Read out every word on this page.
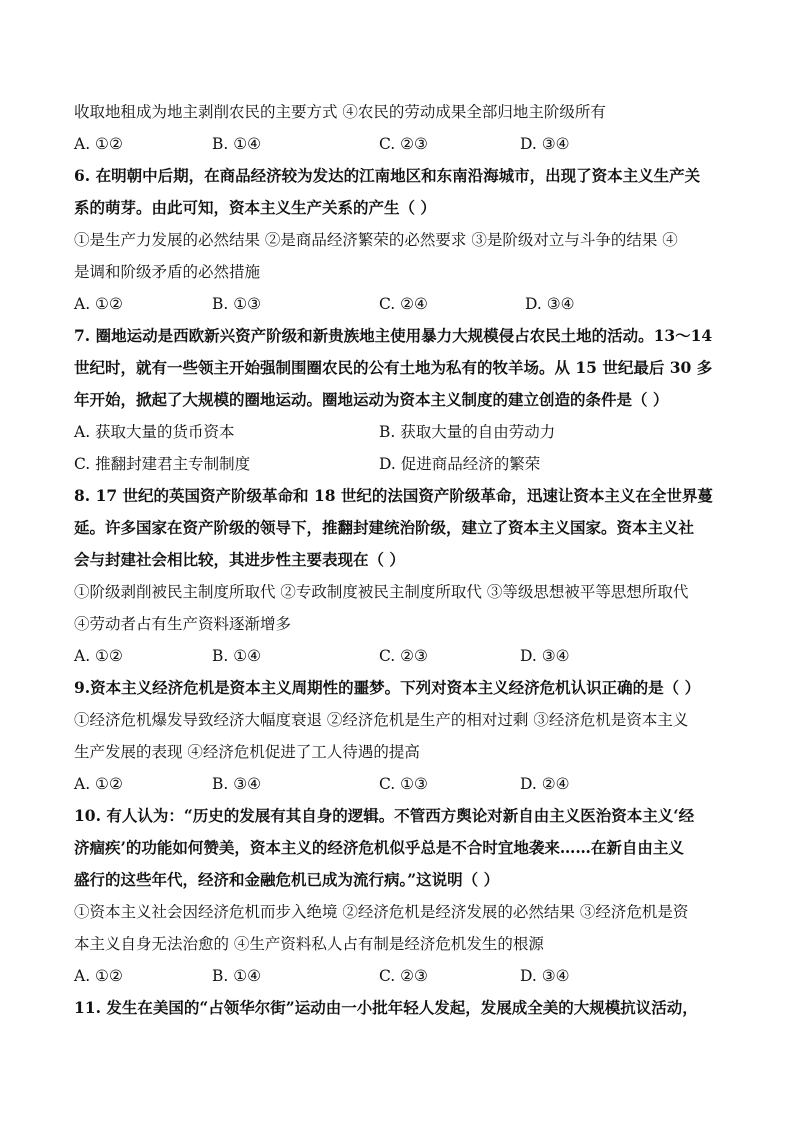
收取地租成为地主剥削农民的主要方式 ④农民的劳动成果全部归地主阶级所有
A. ①②	B. ①④	C. ②③	D. ③④
6. 在明朝中后期，在商品经济较为发达的江南地区和东南沿海城市，出现了资本主义生产关
系的萌芽。由此可知，资本主义生产关系的产生（ ）
①是生产力发展的必然结果 ②是商品经济繁荣的必然要求 ③是阶级对立与斗争的结果 ④
是调和阶级矛盾的必然措施
A. ①②	B. ①③	C. ②④	D. ③④
7. 圈地运动是西欧新兴资产阶级和新贵族地主使用暴力大规模侵占农民土地的活动。13～14
世纪时，就有一些领主开始强制围圈农民的公有土地为私有的牧羊场。从 15 世纪最后 30 多
年开始，掀起了大规模的圈地运动。圈地运动为资本主义制度的建立创造的条件是（ ）
A. 获取大量的货币资本	B. 获取大量的自由劳动力
C. 推翻封建君主专制制度	D. 促进商品经济的繁荣
8. 17 世纪的英国资产阶级革命和 18 世纪的法国资产阶级革命，迅速让资本主义在全世界蔓
延。许多国家在资产阶级的领导下，推翻封建统治阶级，建立了资本主义国家。资本主义社
会与封建社会相比较，其进步性主要表现在（ ）
①阶级剥削被民主制度所取代 ②专政制度被民主制度所取代 ③等级思想被平等思想所取代
④劳动者占有生产资料逐渐增多
A. ①②	B. ①④	C. ②③	D. ③④
9.资本主义经济危机是资本主义周期性的噩梦。下列对资本主义经济危机认识正确的是（ ）
①经济危机爆发导致经济大幅度衰退 ②经济危机是生产的相对过剩 ③经济危机是资本主义
生产发展的表现 ④经济危机促进了工人待遇的提高
A. ①②	B. ③④	C. ①③	D. ②④
10. 有人认为：“历史的发展有其自身的逻辑。不管西方舆论对新自由主义医治资本主义‘经
济痼疾’的功能如何赞美，资本主义的经济危机似乎总是不合时宜地袭来……在新自由主义
盛行的这些年代，经济和金融危机已成为流行病。”这说明（ ）
①资本主义社会因经济危机而步入绝境 ②经济危机是经济发展的必然结果 ③经济危机是资
本主义自身无法治愈的 ④生产资料私人占有制是经济危机发生的根源
A. ①②	B. ①④	C. ②③	D. ③④
11. 发生在美国的“占领华尔街”运动由一小批年轻人发起，发展成全美的大规模抗议活动，
